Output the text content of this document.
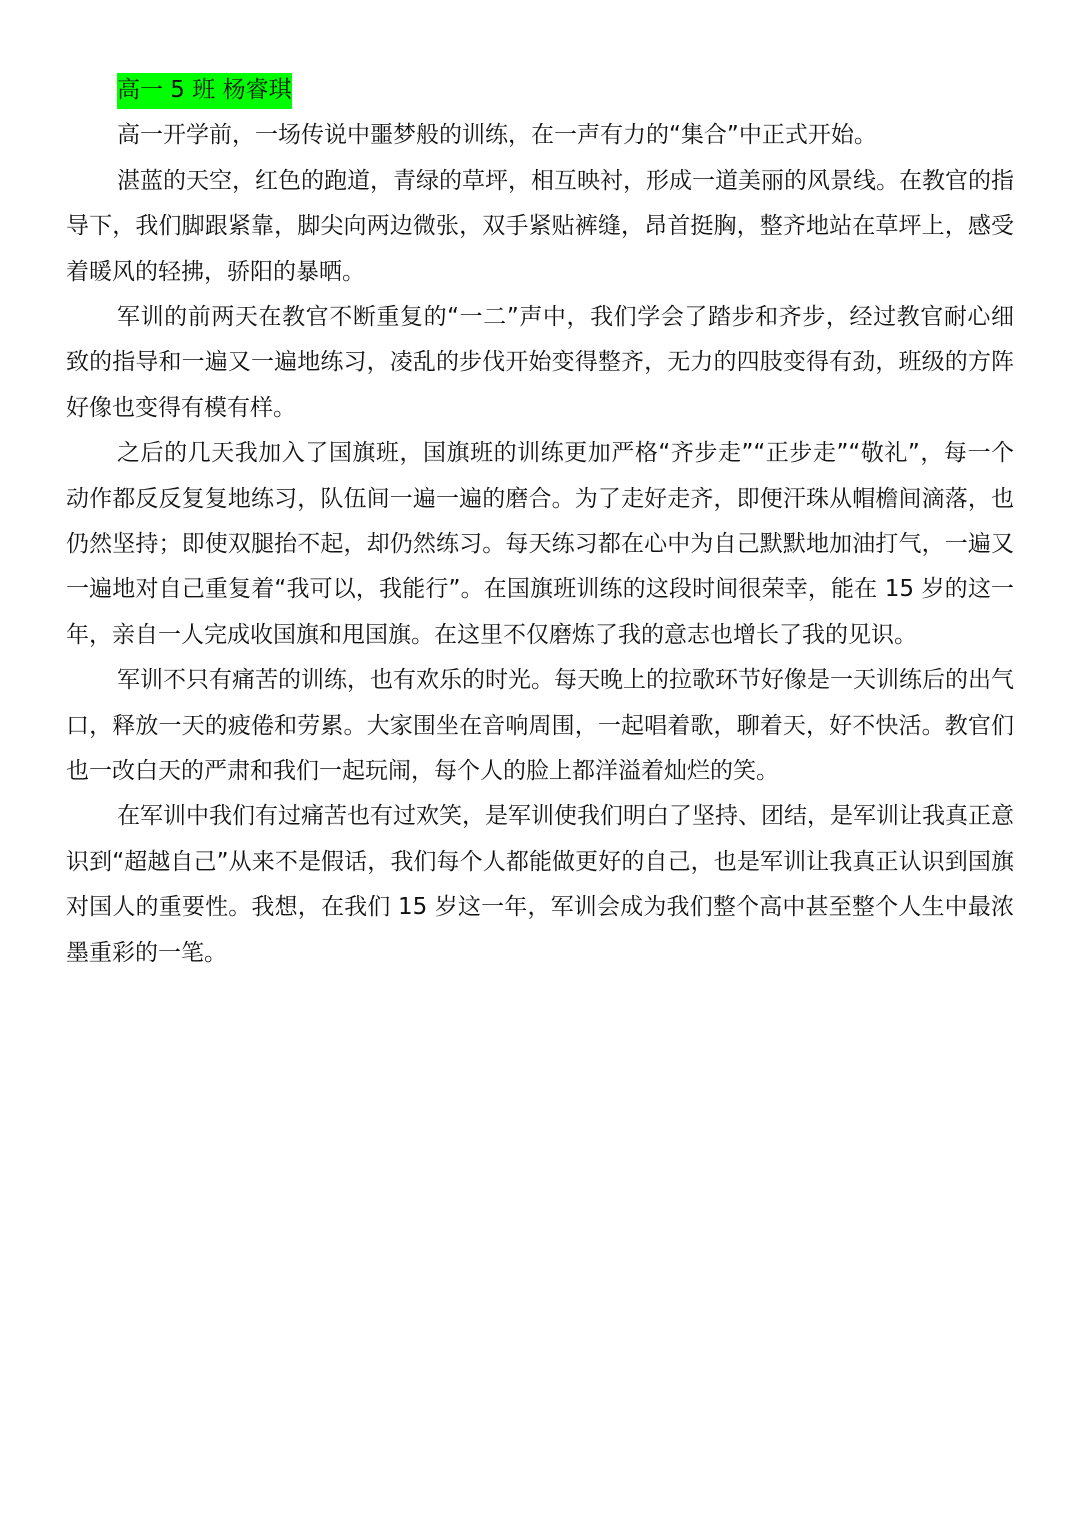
高一 5 班 杨睿琪

高一开学前，一场传说中噩梦般的训练，在一声有力的“集合”中正式开始。

湛蓝的天空，红色的跑道，青绿的草坪，相互映衬，形成一道美丽的风景线。在教官的指导下，我们脚跟紧靠，脚尖向两边微张，双手紧贴裤缝，昂首挺胸，整齐地站在草坪上，感受着暖风的轻拂，骄阳的暴晒。

军训的前两天在教官不断重复的“一二”声中，我们学会了踏步和齐步，经过教官耐心细致的指导和一遍又一遍地练习，凌乱的步伐开始变得整齐，无力的四肢变得有劲，班级的方阵好像也变得有模有样。

之后的几天我加入了国旗班，国旗班的训练更加严格“齐步走”“正步走”“敬礼”，每一个动作都反反复复地练习，队伍间一遍一遍的磨合。为了走好走齐，即便汗珠从帽檐间滴落，也仍然坚持；即使双腿抬不起，却仍然练习。每天练习都在心中为自己默默地加油打气，一遍又一遍地对自己重复着“我可以，我能行”。在国旗班训练的这段时间很荣幸，能在 15 岁的这一年，亲自一人完成收国旗和甩国旗。在这里不仅磨炼了我的意志也增长了我的见识。

军训不只有痛苦的训练，也有欢乐的时光。每天晚上的拉歌环节好像是一天训练后的出气口，释放一天的疲倦和劳累。大家围坐在音响周围，一起唱着歌，聊着天，好不快活。教官们也一改白天的严肃和我们一起玩闹，每个人的脸上都洋溢着灿烂的笑。

在军训中我们有过痛苦也有过欢笑，是军训使我们明白了坚持、团结，是军训让我真正意识到“超越自己”从来不是假话，我们每个人都能做更好的自己，也是军训让我真正认识到国旗对国人的重要性。我想，在我们 15 岁这一年，军训会成为我们整个高中甚至整个人生中最浓墨重彩的一笔。
